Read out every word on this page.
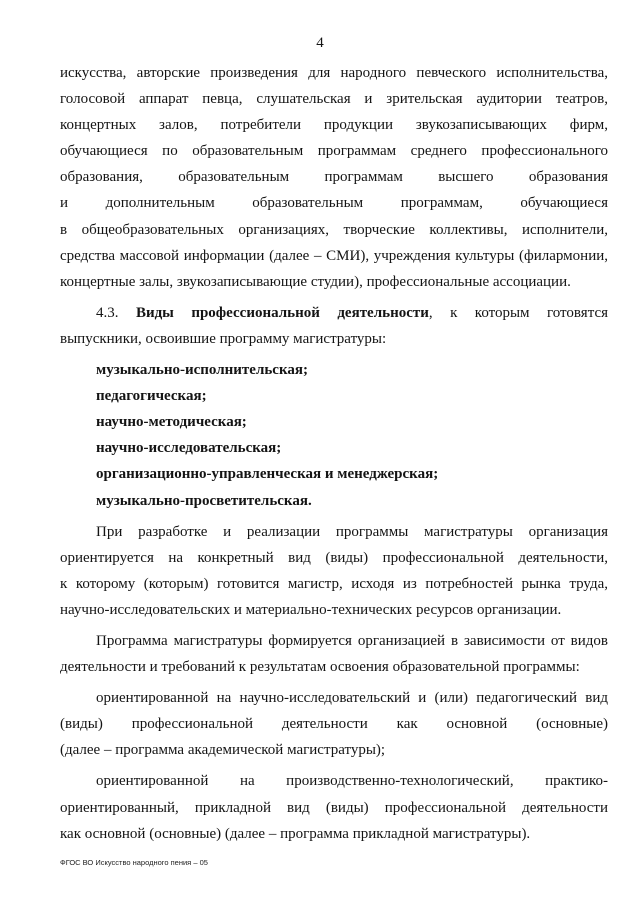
4
искусства, авторские произведения для народного певческого исполнительства,
голосовой аппарат певца, слушательская и зрительская аудитории театров,
концертных залов, потребители продукции звукозаписывающих фирм,
обучающиеся по образовательным программам среднего профессионального
образования, образовательным программам высшего образования
и дополнительным образовательным программам, обучающиеся
в общеобразовательных организациях, творческие коллективы, исполнители,
средства массовой информации (далее – СМИ), учреждения культуры (филармонии,
концертные залы, звукозаписывающие студии), профессиональные ассоциации.
4.3. Виды профессиональной деятельности, к которым готовятся
выпускники, освоившие программу магистратуры:
музыкально-исполнительская;
педагогическая;
научно-методическая;
научно-исследовательская;
организационно-управленческая и менеджерская;
музыкально-просветительская.
При разработке и реализации программы магистратуры организация
ориентируется на конкретный вид (виды) профессиональной деятельности,
к которому (которым) готовится магистр, исходя из потребностей рынка труда,
научно-исследовательских и материально-технических ресурсов организации.
Программа магистратуры формируется организацией в зависимости от видов
деятельности и требований к результатам освоения образовательной программы:
ориентированной на научно-исследовательский и (или) педагогический вид
(виды) профессиональной деятельности как основной (основные)
(далее – программа академической магистратуры);
ориентированной на производственно-технологический, практико-
ориентированный, прикладной вид (виды) профессиональной деятельности
как основной (основные) (далее – программа прикладной магистратуры).
ФГОС ВО Искусство народного пения – 05
